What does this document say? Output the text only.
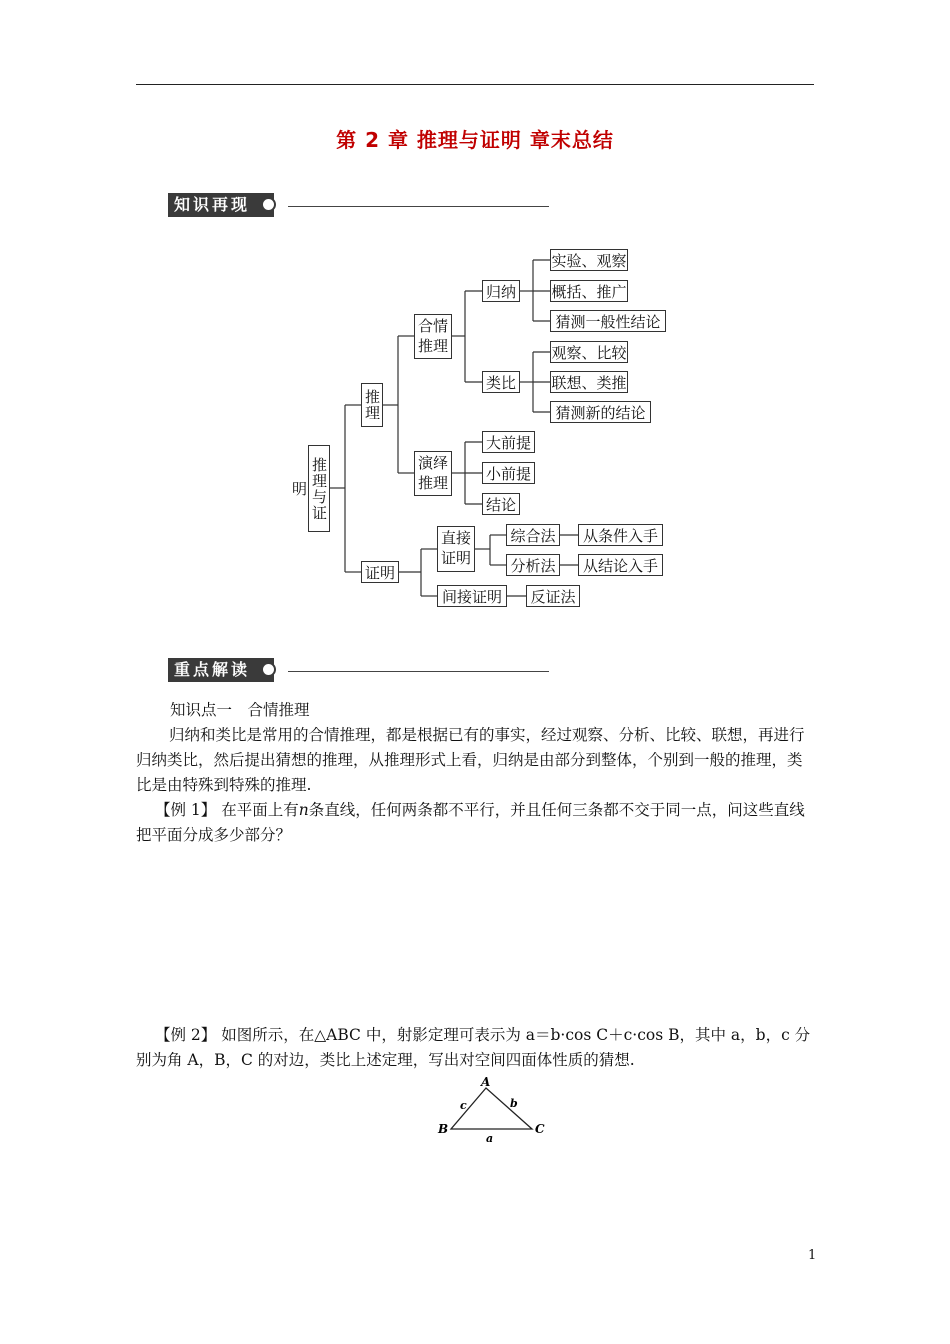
第 2 章 推理与证明 章末总结
知识再现
推理与证明
推理
合情推理
归纳
实验、观察
概括、推广
猜测一般性结论
类比
观察、比较
联想、类推
猜测新的结论
演绎推理
大前提
小前提
结论
证明
直接证明
综合法	从条件入手
分析法	从结论入手
间接证明	反证法
重点解读
知识点一　合情推理

归纳和类比是常用的合情推理，都是根据已有的事实，经过观察、分析、比较、联想，再进行归纳类比，然后提出猜想的推理，从推理形式上看，归纳是由部分到整体，个别到一般的推理，类比是由特殊到特殊的推理.

【例 1】 在平面上有n条直线，任何两条都不平行，并且任何三条都不交于同一点，问这些直线把平面分成多少部分？

【例 2】 如图所示，在△ABC 中，射影定理可表示为 a＝b·cos C＋c·cos B，其中 a，b，c 分别为角 A，B，C 的对边，类比上述定理，写出对空间四面体性质的猜想.

A
B	C
a
b
c
1
